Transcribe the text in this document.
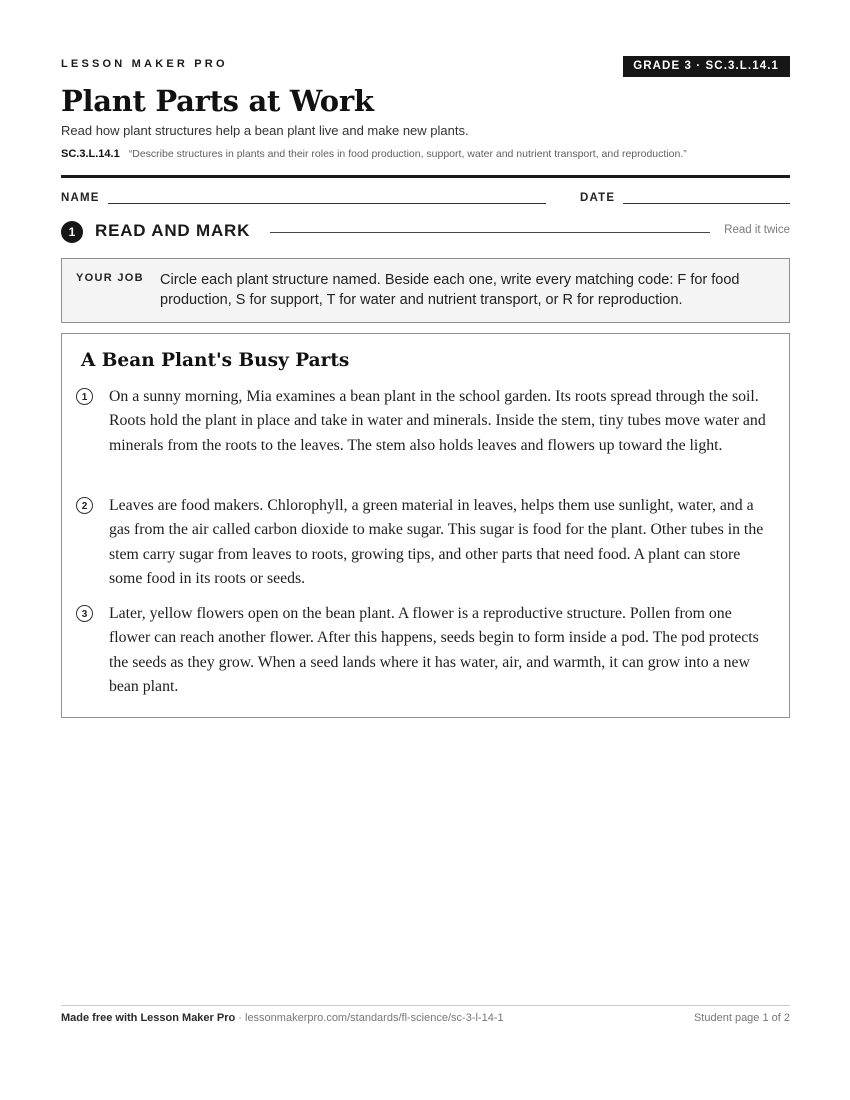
LESSON MAKER PRO	GRADE 3 · SC.3.L.14.1
Plant Parts at Work
Read how plant structures help a bean plant live and make new plants.
SC.3.L.14.1 “Describe structures in plants and their roles in food production, support, water and nutrient transport, and reproduction.”
NAME	DATE
1	READ AND MARK	Read it twice
YOUR JOB Circle each plant structure named. Beside each one, write every matching code: F for food production, S for support, T for water and nutrient transport, or R for reproduction.
A Bean Plant's Busy Parts
1	On a sunny morning, Mia examines a bean plant in the school garden. Its roots spread through the soil. Roots hold the plant in place and take in water and minerals. Inside the stem, tiny tubes move water and minerals from the roots to the leaves. The stem also holds leaves and flowers up toward the light.

2	Leaves are food makers. Chlorophyll, a green material in leaves, helps them use sunlight, water, and a gas from the air called carbon dioxide to make sugar. This sugar is food for the plant. Other tubes in the stem carry sugar from leaves to roots, growing tips, and other parts that need food. A plant can store some food in its roots or seeds.

3	Later, yellow flowers open on the bean plant. A flower is a reproductive structure. Pollen from one flower can reach another flower. After this happens, seeds begin to form inside a pod. The pod protects the seeds as they grow. When a seed lands where it has water, air, and warmth, it can grow into a new bean plant.

Made free with Lesson Maker Pro · lessonmakerpro.com/standards/fl-science/sc-3-l-14-1	Student page 1 of 2
